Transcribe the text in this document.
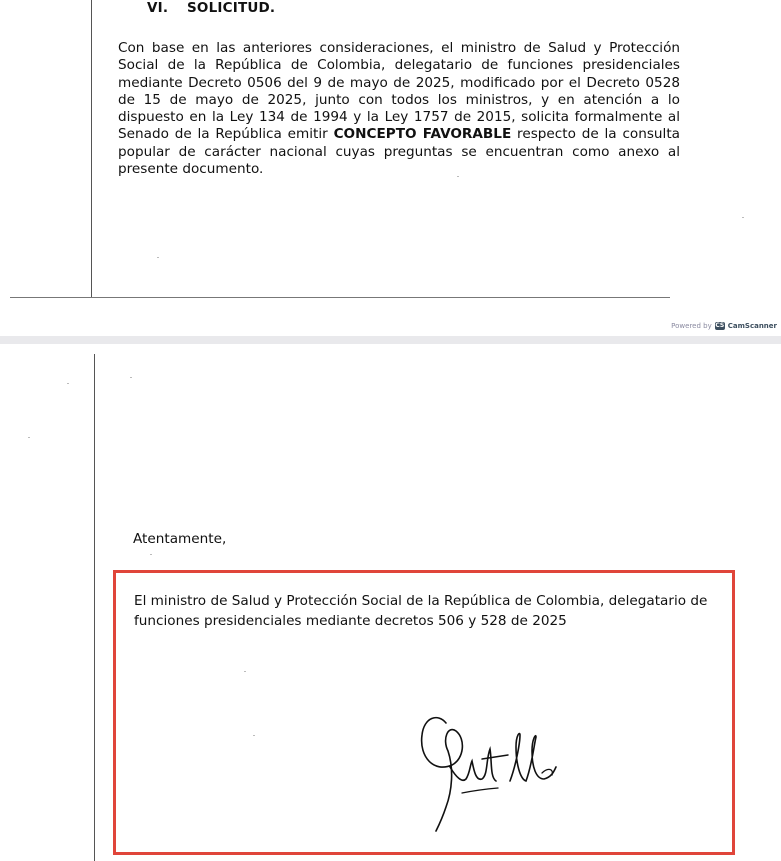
VI. SOLICITUD.

Con base en las anteriores consideraciones, el ministro de Salud y Protección Social de la República de Colombia, delegatario de funciones presidenciales mediante Decreto 0506 del 9 de mayo de 2025, modificado por el Decreto 0528 de 15 de mayo de 2025, junto con todos los ministros, y en atención a lo dispuesto en la Ley 134 de 1994 y la Ley 1757 de 2015, solicita formalmente al Senado de la República emitir CONCEPTO FAVORABLE respecto de la consulta popular de carácter nacional cuyas preguntas se encuentran como anexo al presente documento.

Powered by CS CamScanner
Atentamente,

El ministro de Salud y Protección Social de la República de Colombia, delegatario de funciones presidenciales mediante decretos 506 y 528 de 2025
